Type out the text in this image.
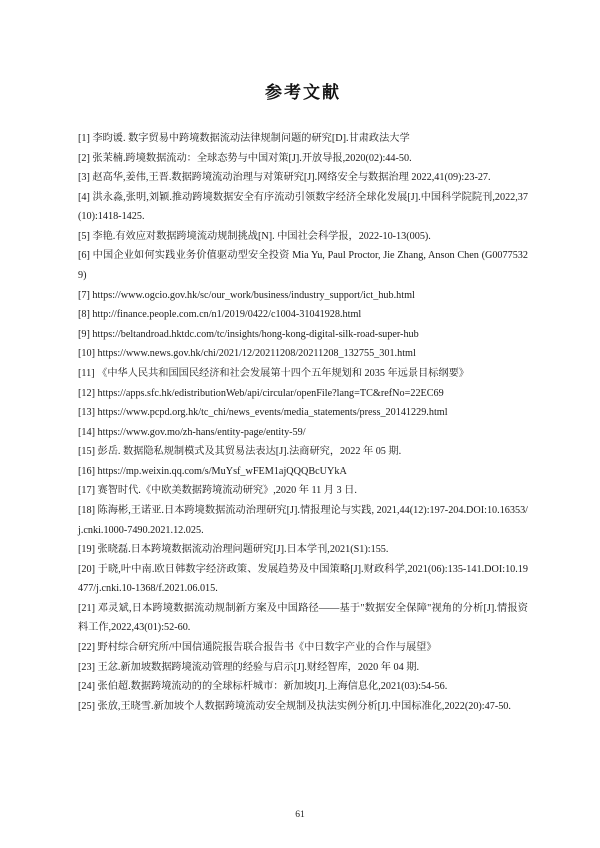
参考文献
[1] 李昀谖. 数字贸易中跨境数据流动法律规制问题的研究[D].甘肃政法大学
[2] 张茉楠.跨境数据流动：全球态势与中国对策[J].开放导报,2020(02):44-50.
[3] 赵高华,姜伟,王晋.数据跨境流动治理与对策研究[J].网络安全与数据治理 2022,41(09):23-27.
[4] 洪永淼,张明,刘颖.推动跨境数据安全有序流动引领数字经济全球化发展[J].中国科学院院刊,2022,37(10):1418-1425.
[5] 李艳.有效应对数据跨境流动规制挑战[N]. 中国社会科学报，2022-10-13(005).
[6] 中国企业如何实践业务价值驱动型安全投资 Mia Yu, Paul Proctor, Jie Zhang, Anson Chen (G00775329)
[7] https://www.ogcio.gov.hk/sc/our_work/business/industry_support/ict_hub.html
[8] http://finance.people.com.cn/n1/2019/0422/c1004-31041928.html
[9] https://beltandroad.hktdc.com/tc/insights/hong-kong-digital-silk-road-super-hub
[10] https://www.news.gov.hk/chi/2021/12/20211208/20211208_132755_301.html
[11] 《中华人民共和国国民经济和社会发展第十四个五年规划和 2035 年远景目标纲要》
[12] https://apps.sfc.hk/edistributionWeb/api/circular/openFile?lang=TC&refNo=22EC69
[13] https://www.pcpd.org.hk/tc_chi/news_events/media_statements/press_20141229.html
[14] https://www.gov.mo/zh-hans/entity-page/entity-59/
[15] 彭岳. 数据隐私规制模式及其贸易法表达[J].法商研究，2022 年 05 期.
[16] https://mp.weixin.qq.com/s/MuYsf_wFEM1ajQQQBcUYkA
[17] 赛智时代.《中欧美数据跨境流动研究》,2020 年 11 月 3 日.
[18] 陈海彬,王诺亚.日本跨境数据流动治理研究[J].情报理论与实践, 2021,44(12):197-204.DOI:10.16353/j.cnki.1000-7490.2021.12.025.
[19] 张晓磊.日本跨境数据流动治理问题研究[J].日本学刊,2021(S1):155.
[20] 于晓,叶中南.欧日韩数字经济政策、发展趋势及中国策略[J].财政科学,2021(06):135-141.DOI:10.19477/j.cnki.10-1368/f.2021.06.015.
[21] 邓灵斌,日本跨境数据流动规制新方案及中国路径——基于"数据安全保障"视角的分析[J].情报资料工作,2022,43(01):52-60.
[22] 野村综合研究所/中国信通院报告联合报告书《中日数字产业的合作与展望》
[23] 王忿.新加坡数据跨境流动管理的经验与启示[J].财经智库，2020 年 04 期.
[24] 张伯超.数据跨境流动的的全球标杆城市：新加坡[J].上海信息化,2021(03):54-56.
[25] 张放,王晓雪.新加坡个人数据跨境流动安全规制及执法实例分析[J].中国标准化,2022(20):47-50.
61
